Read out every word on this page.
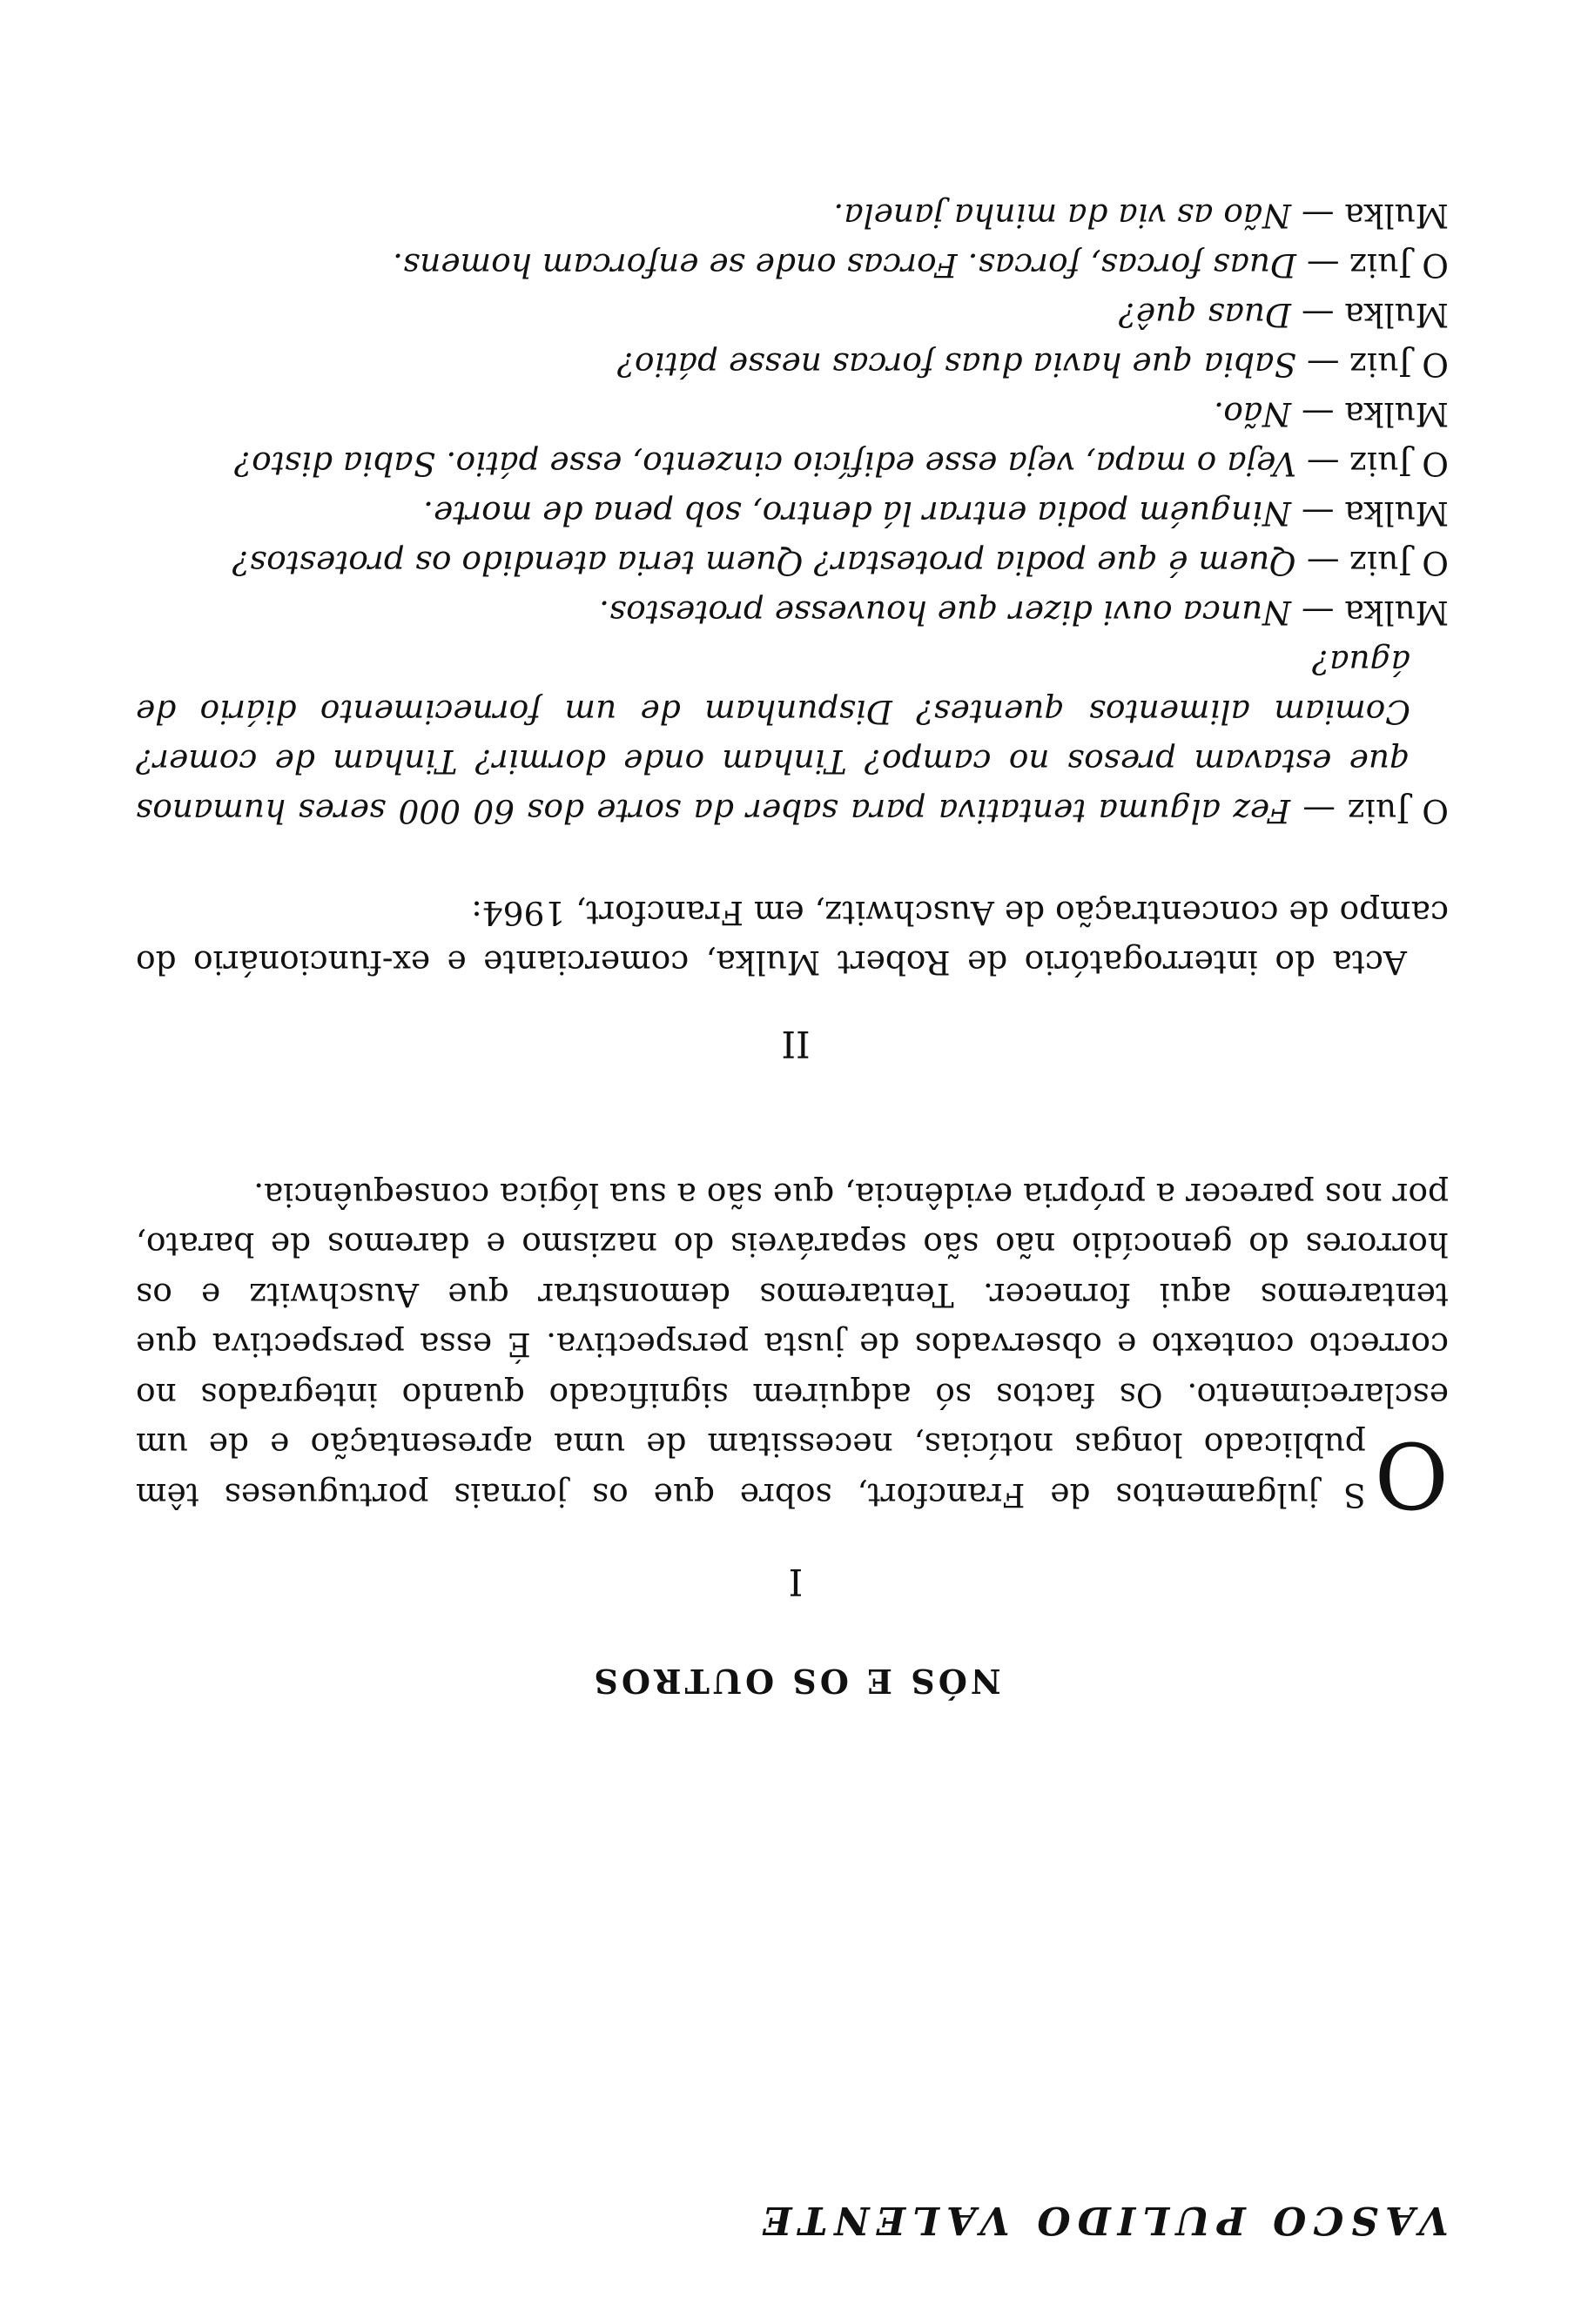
VASCO PULIDO VALENTE
NÓS E OS OUTROS
I

O
S julgamentos de Francfort, sobre que os jornais portugueses têm publicado longas notícias, necessitam de uma apresentação e de um esclarecimento. Os factos só adquirem significado quando integrados no correcto contexto e observados de justa perspectiva. É essa perspectiva que tentaremos aqui fornecer. Tentaremos demonstrar que Auschwitz e os horrores do genocídio não são separáveis do nazismo e daremos de barato, por nos parecer a própria evidência, que são a sua lógica consequência.

II

Acta do interrogatório de Robert Mulka, comerciante e ex-funcionário do campo de concentração de Auschwitz, em Francfort, 1964:

O Juiz — Fez alguma tentativa para saber da sorte dos 60 000 seres humanos que estavam presos no campo? Tinham onde dormir? Tinham de comer? Comiam alimentos quentes? Dispunham de um fornecimento diário de água?

Mulka — Nunca ouvi dizer que houvesse protestos.

O Juiz — Quem é que podia protestar? Quem teria atendido os protestos?

Mulka — Ninguém podia entrar lá dentro, sob pena de morte.

O Juiz — Veja o mapa, veja esse edifício cinzento, esse pátio. Sabia disto?

Mulka — Não.

O Juiz — Sabia que havia duas forcas nesse pátio?

Mulka — Duas quê?

O Juiz — Duas forcas, forcas. Forcas onde se enforcam homens.

Mulka — Não as via da minha janela.
